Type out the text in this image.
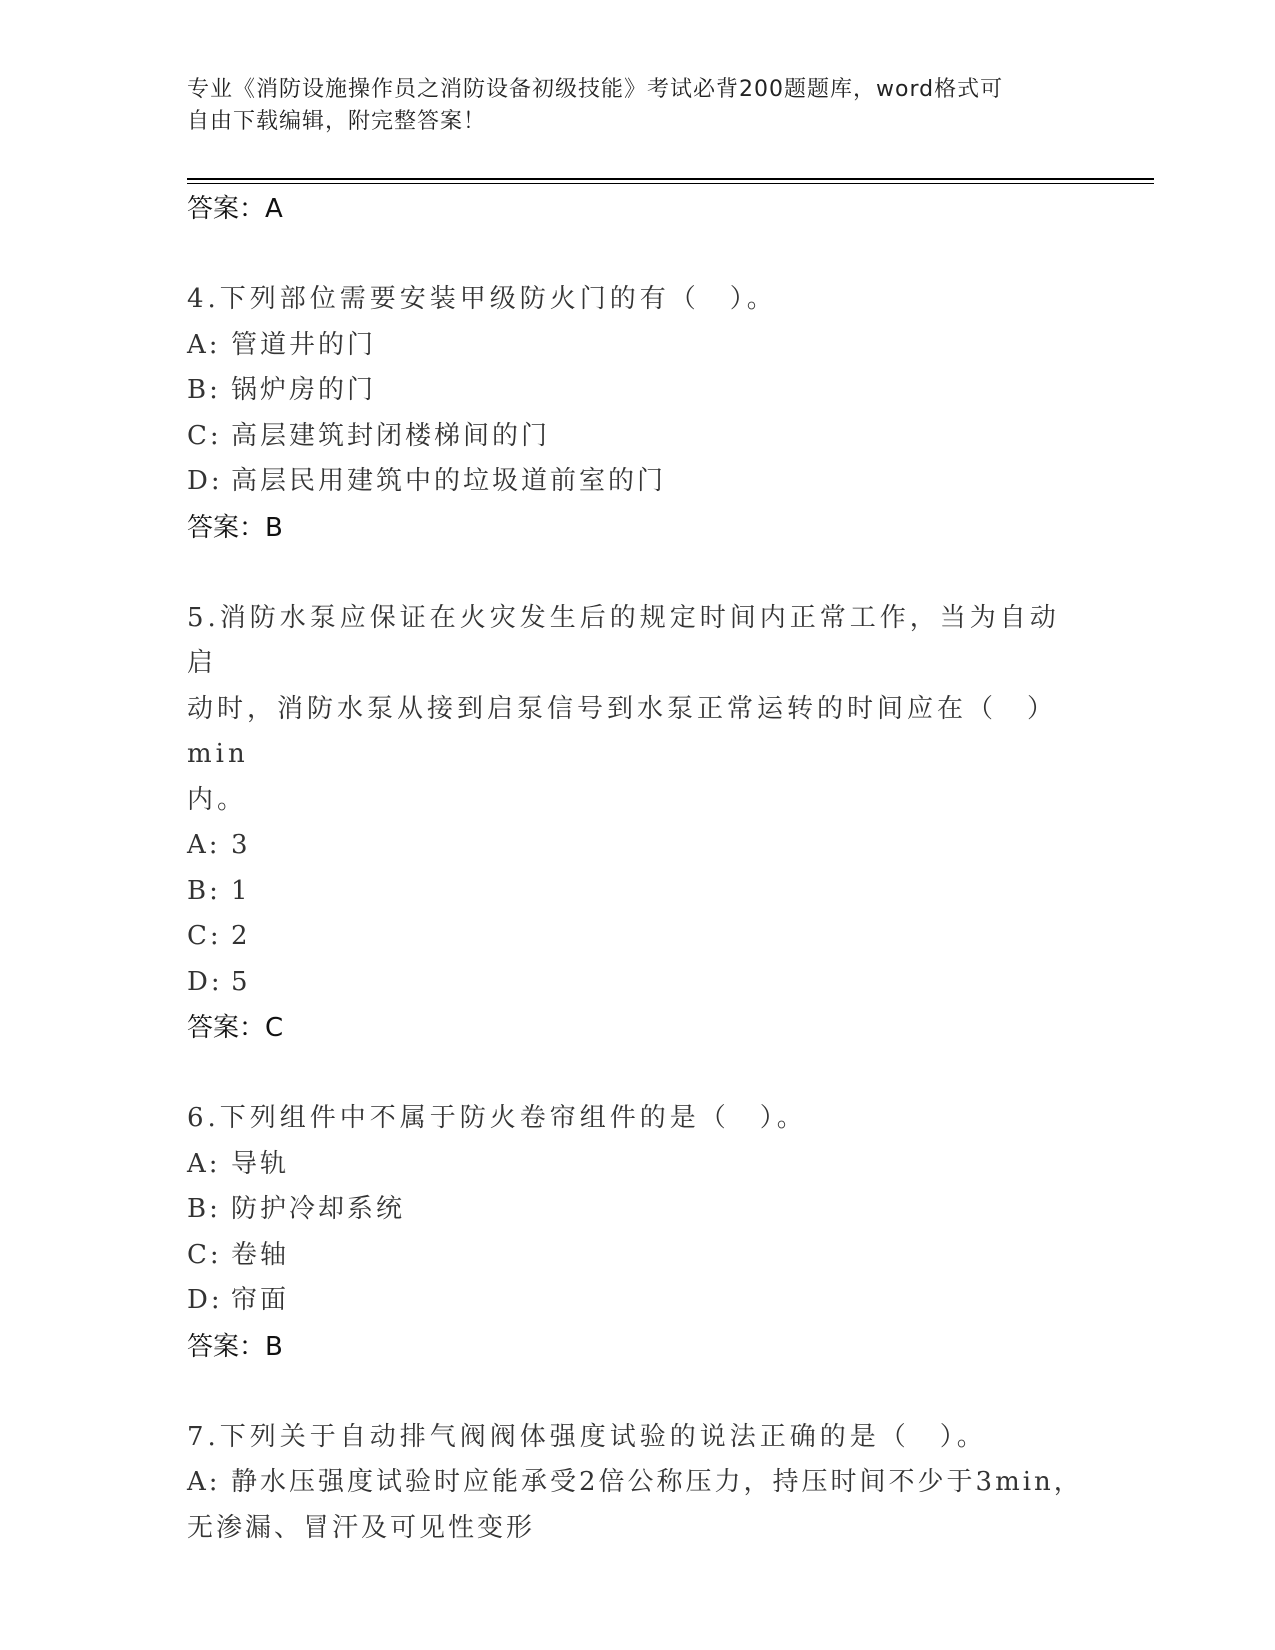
专业《消防设施操作员之消防设备初级技能》考试必背200题题库，word格式可
自由下载编辑，附完整答案！
答案：A
4.下列部位需要安装甲级防火门的有（　）。
A: 管道井的门
B: 锅炉房的门
C: 高层建筑封闭楼梯间的门
D: 高层民用建筑中的垃圾道前室的门
答案：B
5.消防水泵应保证在火灾发生后的规定时间内正常工作，当为自动启
动时，消防水泵从接到启泵信号到水泵正常运转的时间应在（　）min
内。
A: 3
B: 1
C: 2
D: 5
答案：C
6.下列组件中不属于防火卷帘组件的是（　）。
A: 导轨
B: 防护冷却系统
C: 卷轴
D: 帘面
答案：B
7.下列关于自动排气阀阀体强度试验的说法正确的是（　）。
A: 静水压强度试验时应能承受2倍公称压力，持压时间不少于3min，
无渗漏、冒汗及可见性变形
